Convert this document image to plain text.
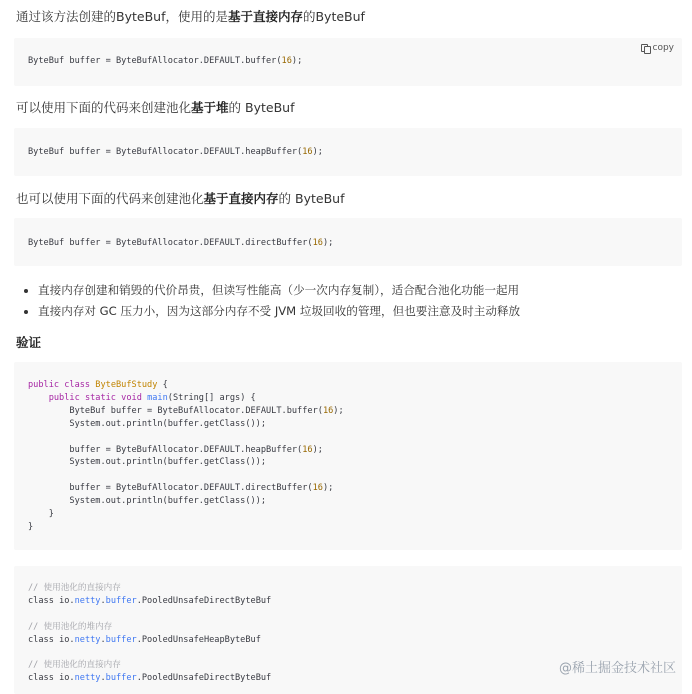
通过该方法创建的ByteBuf，使用的是基于直接内存的ByteBuf
copy
ByteBuf buffer = ByteBufAllocator.DEFAULT.buffer(16);
可以使用下面的代码来创建池化基于堆的 ByteBuf
ByteBuf buffer = ByteBufAllocator.DEFAULT.heapBuffer(16);
也可以使用下面的代码来创建池化基于直接内存的 ByteBuf
ByteBuf buffer = ByteBufAllocator.DEFAULT.directBuffer(16);
• 直接内存创建和销毁的代价昂贵，但读写性能高（少一次内存复制），适合配合池化功能一起用
• 直接内存对 GC 压力小，因为这部分内存不受 JVM 垃圾回收的管理，但也要注意及时主动释放
验证
public class ByteBufStudy {
public static void main(String[] args) {
ByteBuf buffer = ByteBufAllocator.DEFAULT.buffer(16);
System.out.println(buffer.getClass());

buffer = ByteBufAllocator.DEFAULT.heapBuffer(16);
System.out.println(buffer.getClass());

buffer = ByteBufAllocator.DEFAULT.directBuffer(16);
System.out.println(buffer.getClass());
}
}
// 使用池化的直接内存
class io.netty.buffer.PooledUnsafeDirectByteBuf

// 使用池化的堆内存
class io.netty.buffer.PooledUnsafeHeapByteBuf

// 使用池化的直接内存
class io.netty.buffer.PooledUnsafeDirectByteBuf
@稀土掘金技术社区
